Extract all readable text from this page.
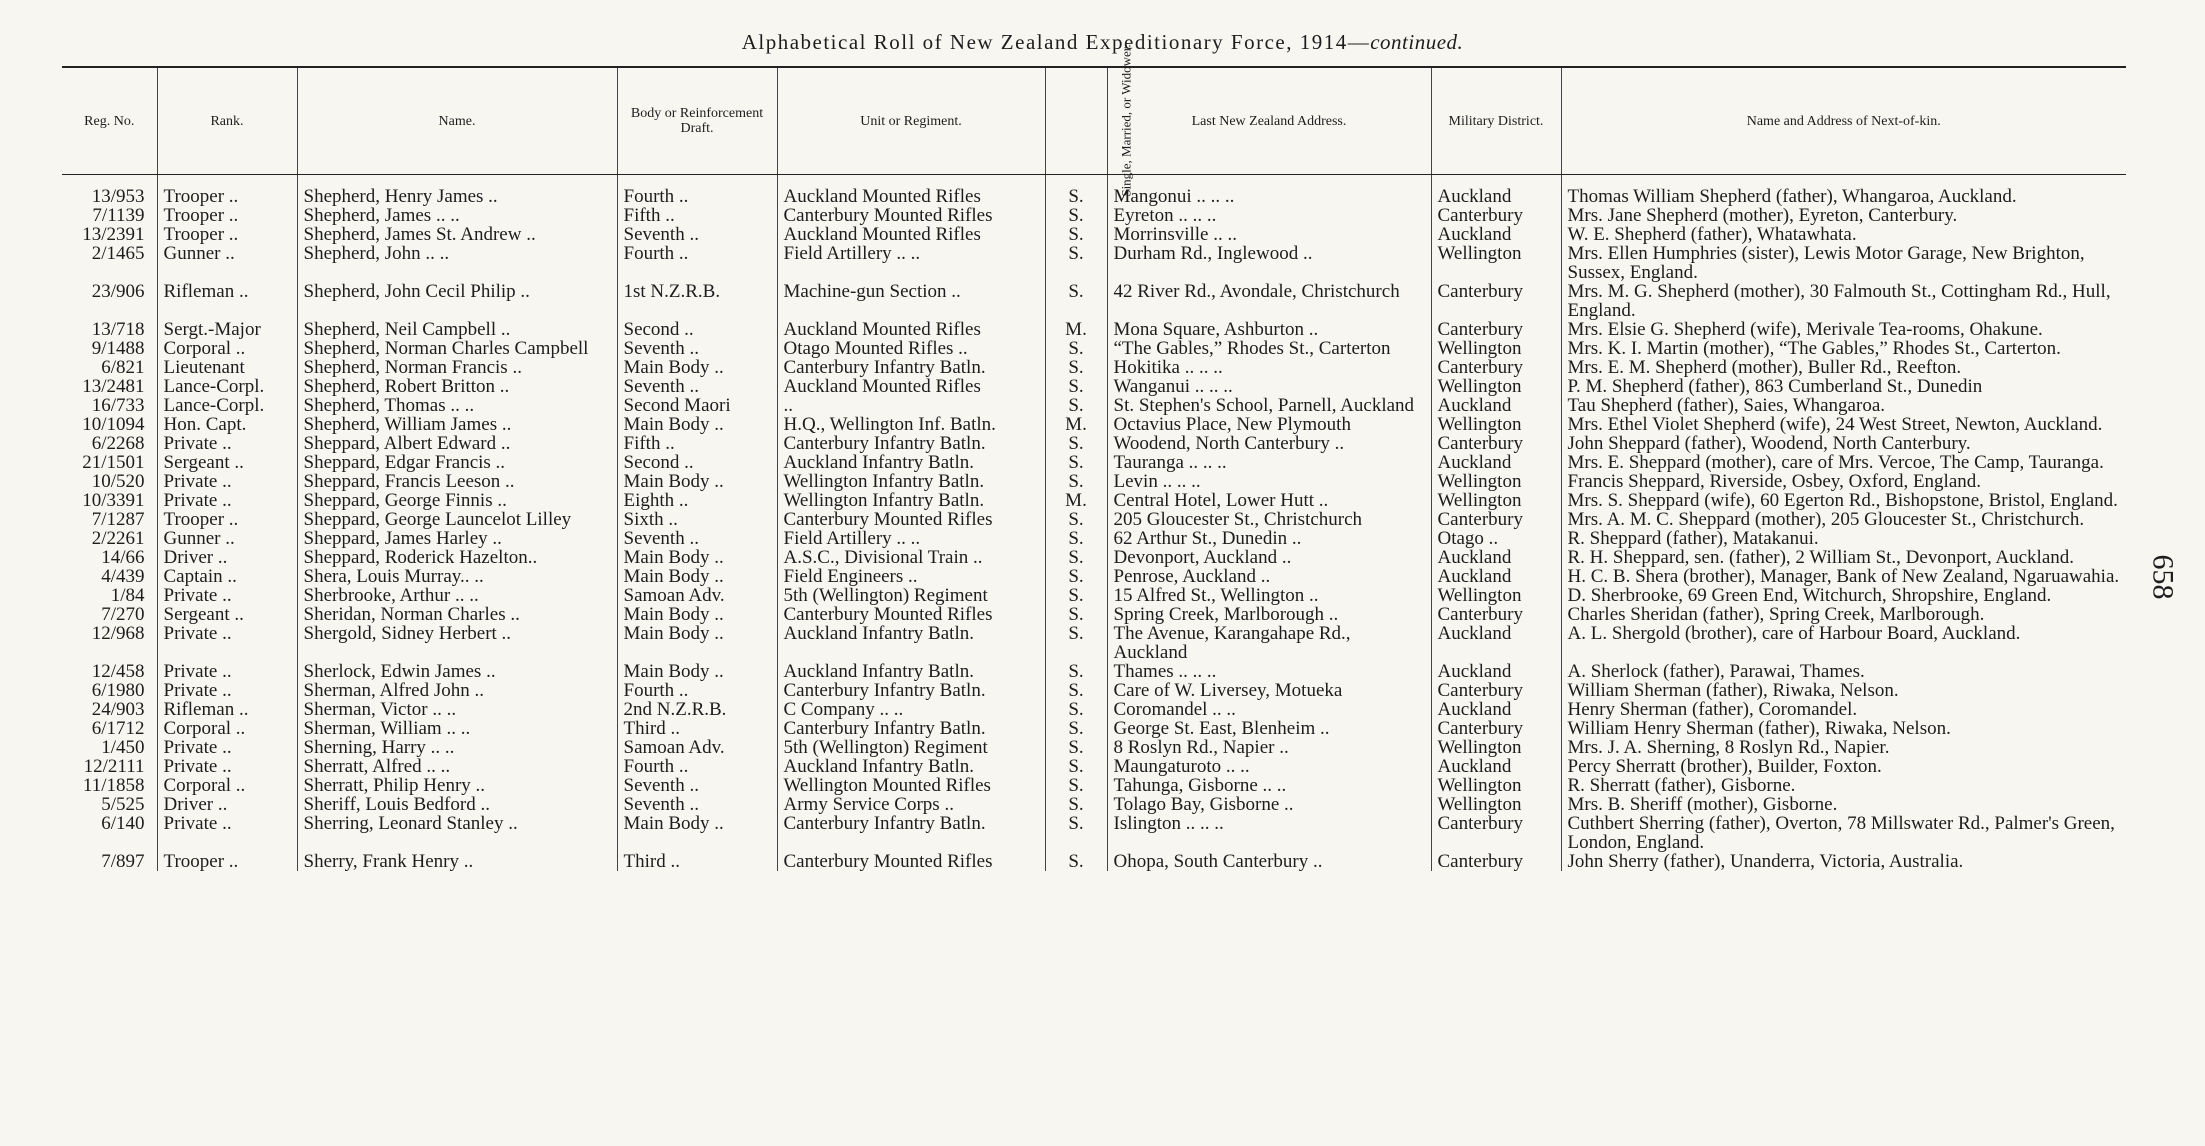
Alphabetical Roll of New Zealand Expeditionary Force, 1914—continued.
658
Reg. No.	Rank.	Name.	Body or Reinforcement Draft.	Unit or Regiment.	Single, Married, or Widower.	Last New Zealand Address.	Military District.	Name and Address of Next-of-kin.
13/953	Trooper ..	Shepherd, Henry James ..	Fourth ..	Auckland Mounted Rifles	S.	Mangonui .. .. ..	Auckland	Thomas William Shepherd (father), Whangaroa, Auckland.
7/1139	Trooper ..	Shepherd, James .. ..	Fifth ..	Canterbury Mounted Rifles	S.	Eyreton .. .. ..	Canterbury	Mrs. Jane Shepherd (mother), Eyreton, Canterbury.
13/2391	Trooper ..	Shepherd, James St. Andrew ..	Seventh ..	Auckland Mounted Rifles	S.	Morrinsville .. ..	Auckland	W. E. Shepherd (father), Whatawhata.
2/1465	Gunner ..	Shepherd, John .. ..	Fourth ..	Field Artillery .. ..	S.	Durham Rd., Inglewood ..	Wellington	Mrs. Ellen Humphries (sister), Lewis Motor Garage, New Brighton, Sussex, England.
23/906	Rifleman ..	Shepherd, John Cecil Philip ..	1st N.Z.R.B.	Machine-gun Section ..	S.	42 River Rd., Avondale, Christchurch	Canterbury	Mrs. M. G. Shepherd (mother), 30 Falmouth St., Cottingham Rd., Hull, England.
13/718	Sergt.-Major	Shepherd, Neil Campbell ..	Second ..	Auckland Mounted Rifles	M.	Mona Square, Ashburton ..	Canterbury	Mrs. Elsie G. Shepherd (wife), Merivale Tea-rooms, Ohakune.
9/1488	Corporal ..	Shepherd, Norman Charles Campbell	Seventh ..	Otago Mounted Rifles ..	S.	“The Gables,” Rhodes St., Carterton	Wellington	Mrs. K. I. Martin (mother), “The Gables,” Rhodes St., Carterton.
6/821	Lieutenant	Shepherd, Norman Francis ..	Main Body ..	Canterbury Infantry Batln.	S.	Hokitika .. .. ..	Canterbury	Mrs. E. M. Shepherd (mother), Buller Rd., Reefton.
13/2481	Lance-Corpl.	Shepherd, Robert Britton ..	Seventh ..	Auckland Mounted Rifles	S.	Wanganui .. .. ..	Wellington	P. M. Shepherd (father), 863 Cumberland St., Dunedin
16/733	Lance-Corpl.	Shepherd, Thomas .. ..	Second Maori	..	S.	St. Stephen's School, Parnell, Auckland	Auckland	Tau Shepherd (father), Saies, Whangaroa.
10/1094	Hon. Capt.	Shepherd, William James ..	Main Body ..	H.Q., Wellington Inf. Batln.	M.	Octavius Place, New Plymouth	Wellington	Mrs. Ethel Violet Shepherd (wife), 24 West Street, Newton, Auckland.
6/2268	Private ..	Sheppard, Albert Edward ..	Fifth ..	Canterbury Infantry Batln.	S.	Woodend, North Canterbury ..	Canterbury	John Sheppard (father), Woodend, North Canterbury.
21/1501	Sergeant ..	Sheppard, Edgar Francis ..	Second ..	Auckland Infantry Batln.	S.	Tauranga .. .. ..	Auckland	Mrs. E. Sheppard (mother), care of Mrs. Vercoe, The Camp, Tauranga.
10/520	Private ..	Sheppard, Francis Leeson ..	Main Body ..	Wellington Infantry Batln.	S.	Levin .. .. ..	Wellington	Francis Sheppard, Riverside, Osbey, Oxford, England.
10/3391	Private ..	Sheppard, George Finnis ..	Eighth ..	Wellington Infantry Batln.	M.	Central Hotel, Lower Hutt ..	Wellington	Mrs. S. Sheppard (wife), 60 Egerton Rd., Bishopstone, Bristol, England.
7/1287	Trooper ..	Sheppard, George Launcelot Lilley	Sixth ..	Canterbury Mounted Rifles	S.	205 Gloucester St., Christchurch	Canterbury	Mrs. A. M. C. Sheppard (mother), 205 Gloucester St., Christchurch.
2/2261	Gunner ..	Sheppard, James Harley ..	Seventh ..	Field Artillery .. ..	S.	62 Arthur St., Dunedin ..	Otago ..	R. Sheppard (father), Matakanui.
14/66	Driver ..	Sheppard, Roderick Hazelton..	Main Body ..	A.S.C., Divisional Train ..	S.	Devonport, Auckland ..	Auckland	R. H. Sheppard, sen. (father), 2 William St., Devonport, Auckland.
4/439	Captain ..	Shera, Louis Murray.. ..	Main Body ..	Field Engineers ..	S.	Penrose, Auckland ..	Auckland	H. C. B. Shera (brother), Manager, Bank of New Zealand, Ngaruawahia.
1/84	Private ..	Sherbrooke, Arthur .. ..	Samoan Adv.	5th (Wellington) Regiment	S.	15 Alfred St., Wellington ..	Wellington	D. Sherbrooke, 69 Green End, Witchurch, Shropshire, England.
7/270	Sergeant ..	Sheridan, Norman Charles ..	Main Body ..	Canterbury Mounted Rifles	S.	Spring Creek, Marlborough ..	Canterbury	Charles Sheridan (father), Spring Creek, Marlborough.
12/968	Private ..	Shergold, Sidney Herbert ..	Main Body ..	Auckland Infantry Batln.	S.	The Avenue, Karangahape Rd., Auckland	Auckland	A. L. Shergold (brother), care of Harbour Board, Auckland.
12/458	Private ..	Sherlock, Edwin James ..	Main Body ..	Auckland Infantry Batln.	S.	Thames .. .. ..	Auckland	A. Sherlock (father), Parawai, Thames.
6/1980	Private ..	Sherman, Alfred John ..	Fourth ..	Canterbury Infantry Batln.	S.	Care of W. Liversey, Motueka	Canterbury	William Sherman (father), Riwaka, Nelson.
24/903	Rifleman ..	Sherman, Victor .. ..	2nd N.Z.R.B.	C Company .. ..	S.	Coromandel .. ..	Auckland	Henry Sherman (father), Coromandel.
6/1712	Corporal ..	Sherman, William .. ..	Third ..	Canterbury Infantry Batln.	S.	George St. East, Blenheim ..	Canterbury	William Henry Sherman (father), Riwaka, Nelson.
1/450	Private ..	Sherning, Harry .. ..	Samoan Adv.	5th (Wellington) Regiment	S.	8 Roslyn Rd., Napier ..	Wellington	Mrs. J. A. Sherning, 8 Roslyn Rd., Napier.
12/2111	Private ..	Sherratt, Alfred .. ..	Fourth ..	Auckland Infantry Batln.	S.	Maungaturoto .. ..	Auckland	Percy Sherratt (brother), Builder, Foxton.
11/1858	Corporal ..	Sherratt, Philip Henry ..	Seventh ..	Wellington Mounted Rifles	S.	Tahunga, Gisborne .. ..	Wellington	R. Sherratt (father), Gisborne.
5/525	Driver ..	Sheriff, Louis Bedford ..	Seventh ..	Army Service Corps ..	S.	Tolago Bay, Gisborne ..	Wellington	Mrs. B. Sheriff (mother), Gisborne.
6/140	Private ..	Sherring, Leonard Stanley ..	Main Body ..	Canterbury Infantry Batln.	S.	Islington .. .. ..	Canterbury	Cuthbert Sherring (father), Overton, 78 Millswater Rd., Palmer's Green, London, England.
7/897	Trooper ..	Sherry, Frank Henry ..	Third ..	Canterbury Mounted Rifles	S.	Ohopa, South Canterbury ..	Canterbury	John Sherry (father), Unanderra, Victoria, Australia.
